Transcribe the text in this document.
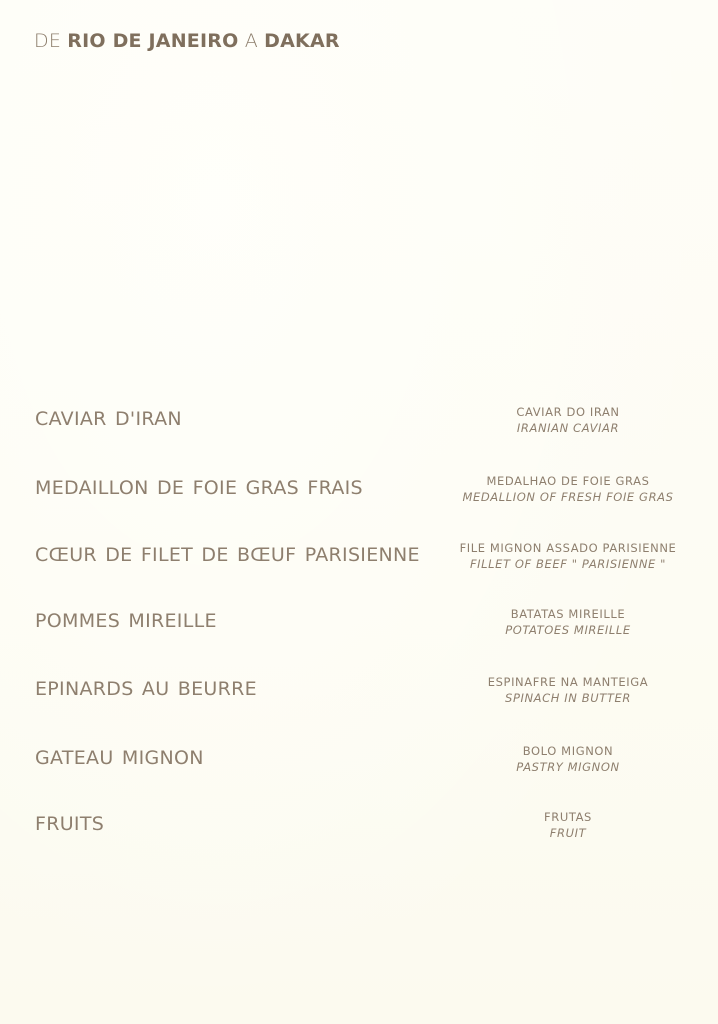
DE RIO DE JANEIRO A DAKAR
CAVIAR D'IRAN	CAVIAR DO IRAN
IRANIAN CAVIAR
MEDAILLON DE FOIE GRAS FRAIS	MEDALHAO DE FOIE GRAS
MEDALLION OF FRESH FOIE GRAS
CŒUR DE FILET DE BŒUF PARISIENNE	FILE MIGNON ASSADO PARISIENNE
FILLET OF BEEF " PARISIENNE "
POMMES MIREILLE	BATATAS MIREILLE
POTATOES MIREILLE
EPINARDS AU BEURRE	ESPINAFRE NA MANTEIGA
SPINACH IN BUTTER
GATEAU MIGNON	BOLO MIGNON
PASTRY MIGNON
FRUITS	FRUTAS
FRUIT
